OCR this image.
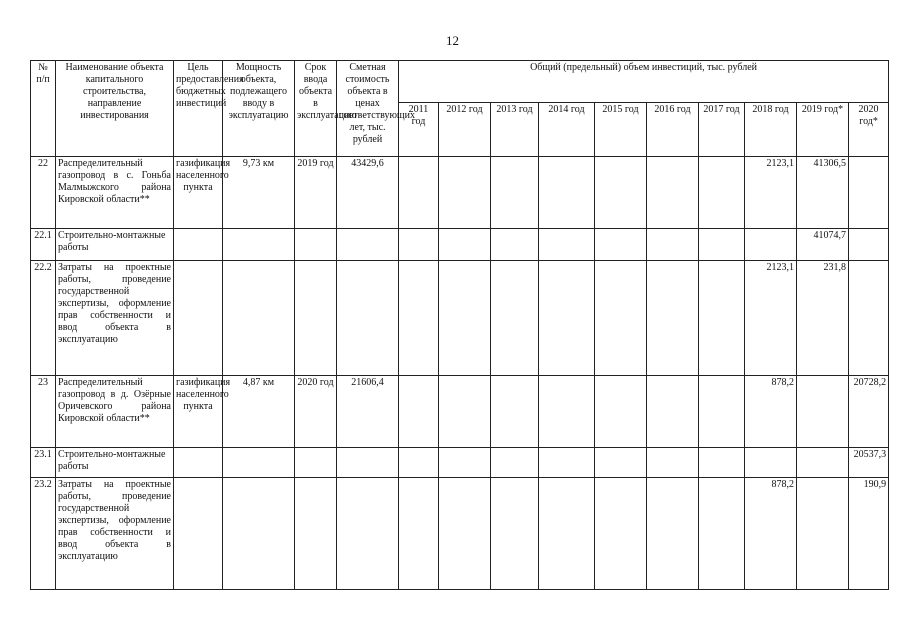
12
№ п/п	Наименование объекта капитального строительства, направление инвестирования	Цель предоставления бюджетных инвестиций	Мощность объекта, подлежащего вводу в эксплуатацию	Срок ввода объекта в эксплуатацию	Сметная стоимость объекта в ценах соответствующих лет, тыс. рублей	Общий (предельный) объем инвестиций, тыс. рублей									
						2011 год	2012 год	2013 год	2014 год	2015 год	2016 год	2017 год	2018 год	2019 год*	2020 год*
22	Распределительный газопровод в с. Гоньба Малмыжского района Кировской области**	газификация населенного пункта	9,73 км	2019 год	43429,6								2123,1	41306,5	
22.1	Строительно-монтажные работы													41074,7	
22.2	Затраты на проектные работы, проведение государственной экспертизы, оформление прав собственности и ввод объекта в эксплуатацию												2123,1	231,8	
23	Распределительный газопровод в д. Озёрные Оричевского района Кировской области**	газификация населенного пункта	4,87 км	2020 год	21606,4								878,2		20728,2
23.1	Строительно-монтажные работы														20537,3
23.2	Затраты на проектные работы, проведение государственной экспертизы, оформление прав собственности и ввод объекта в эксплуатацию												878,2		190,9
